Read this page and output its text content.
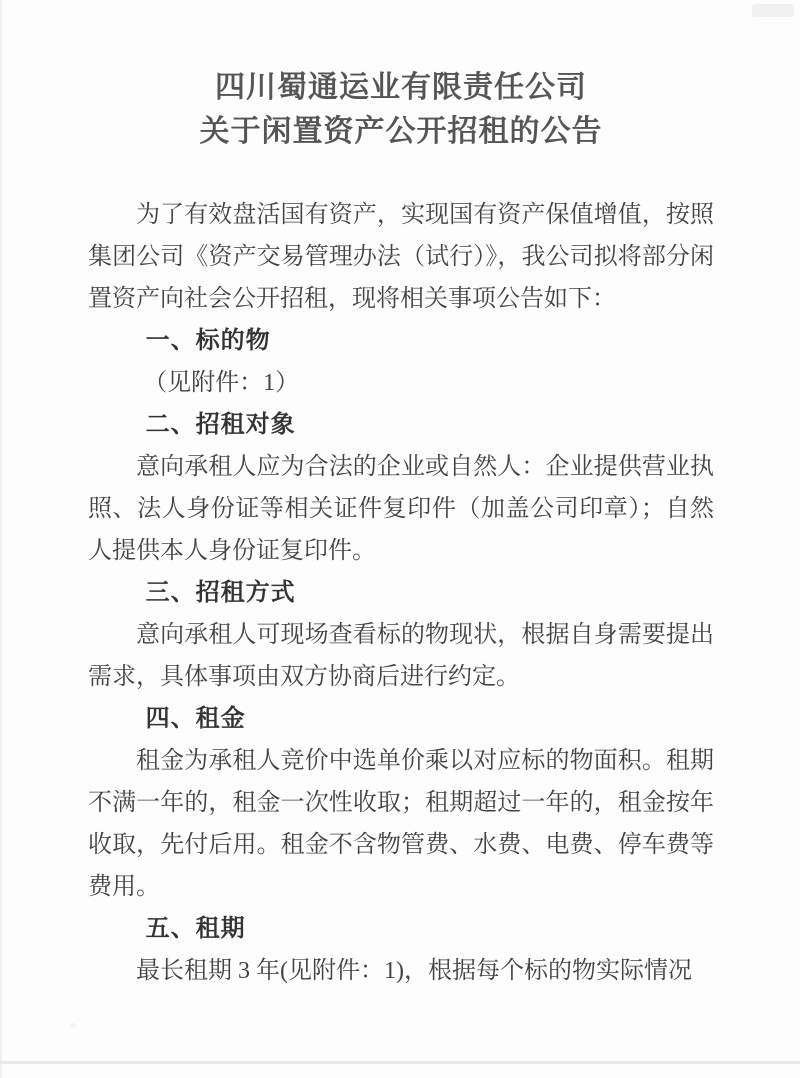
四川蜀通运业有限责任公司
关于闲置资产公开招租的公告

为了有效盘活国有资产，实现国有资产保值增值，按照集团公司《资产交易管理办法（试行）》，我公司拟将部分闲置资产向社会公开招租，现将相关事项公告如下：

一、标的物

（见附件：1）

二、招租对象

意向承租人应为合法的企业或自然人：企业提供营业执照、法人身份证等相关证件复印件（加盖公司印章）；自然人提供本人身份证复印件。

三、招租方式

意向承租人可现场查看标的物现状，根据自身需要提出需求，具体事项由双方协商后进行约定。

四、租金

租金为承租人竞价中选单价乘以对应标的物面积。租期不满一年的，租金一次性收取；租期超过一年的，租金按年收取，先付后用。租金不含物管费、水费、电费、停车费等费用。

五、租期

最长租期 3 年(见附件：1)，根据每个标的物实际情况
